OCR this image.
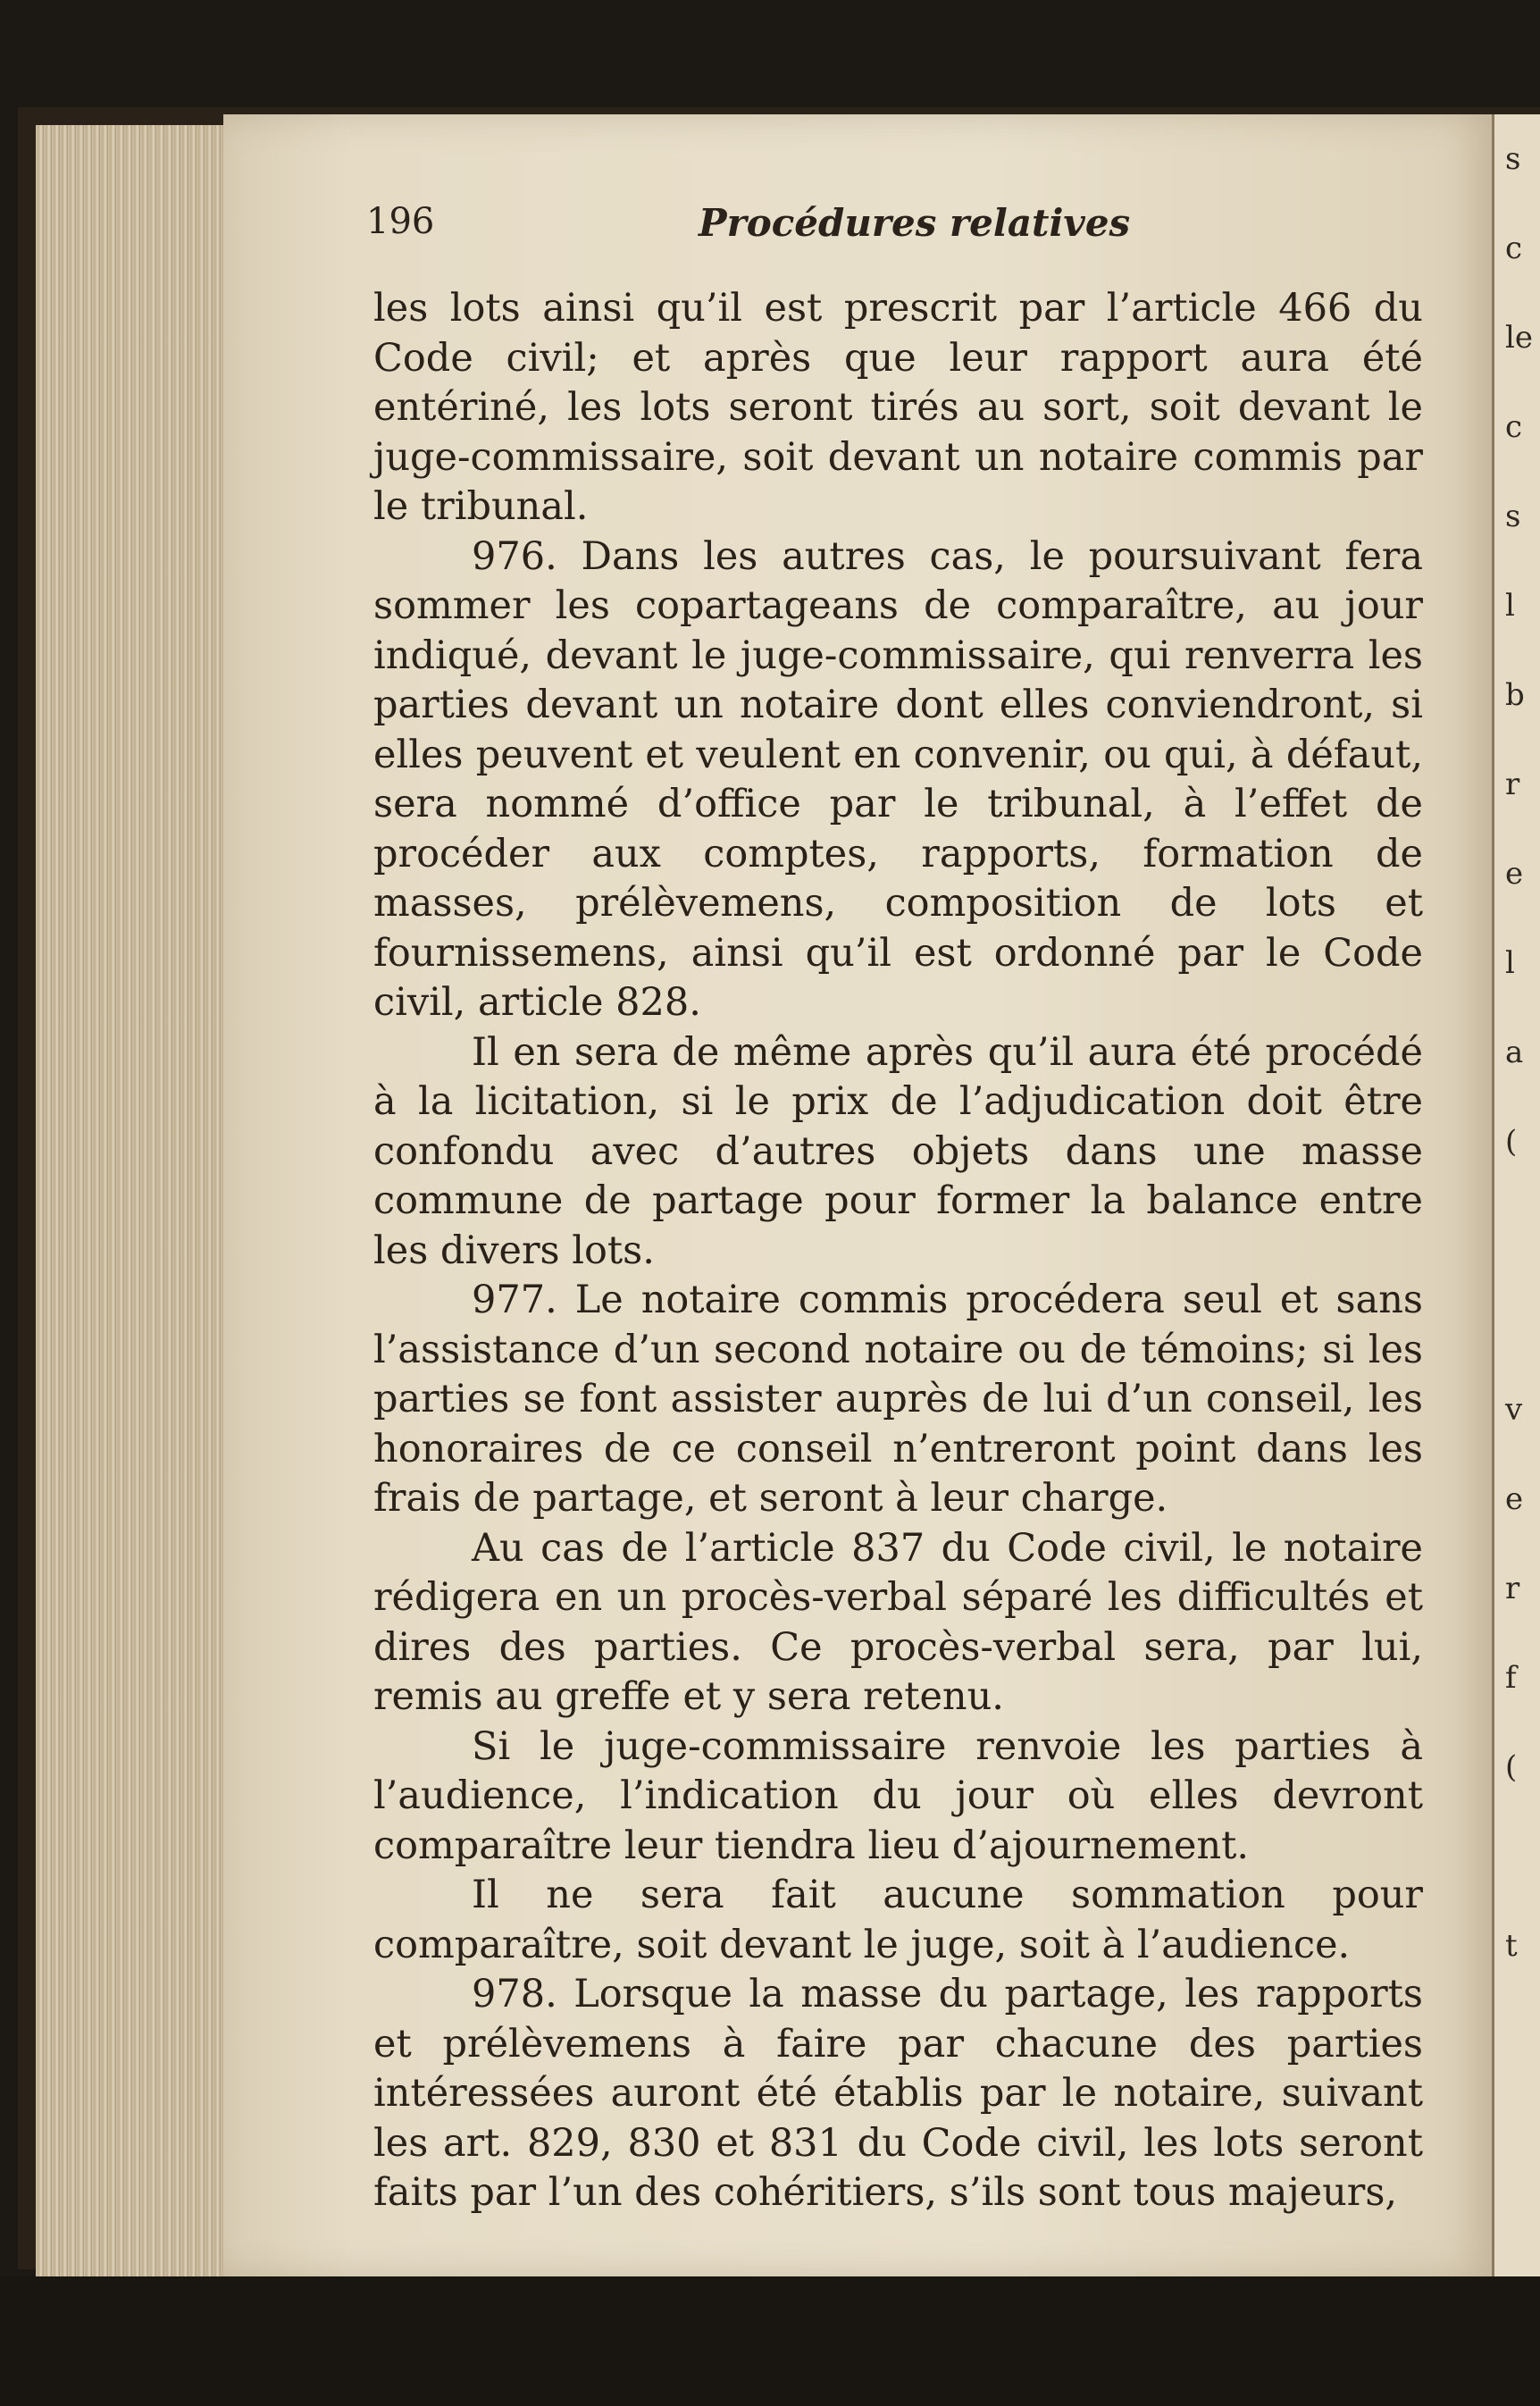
s
c
le
c
s
l
b
r
e
l
a
(
v
e
r
f
(
t
196	Procédures relatives

les lots ainsi qu’il est prescrit par l’article 466 du Code civil; et après que leur rapport aura été entériné, les lots seront tirés au sort, soit devant le juge-commissaire, soit devant un notaire commis par le tribunal.

976. Dans les autres cas, le poursuivant fera sommer les copartageans de comparaître, au jour indiqué, devant le juge-commissaire, qui renverra les parties devant un notaire dont elles conviendront, si elles peuvent et veulent en convenir, ou qui, à défaut, sera nommé d’office par le tribunal, à l’effet de procéder aux comptes, rapports, formation de masses, prélèvemens, composition de lots et fournissemens, ainsi qu’il est ordonné par le Code civil, article 828.

Il en sera de même après qu’il aura été procédé à la licitation, si le prix de l’adjudication doit être confondu avec d’autres objets dans une masse commune de partage pour former la balance entre les divers lots.

977. Le notaire commis procédera seul et sans l’assistance d’un second notaire ou de témoins; si les parties se font assister auprès de lui d’un conseil, les honoraires de ce conseil n’entreront point dans les frais de partage, et seront à leur charge.

Au cas de l’article 837 du Code civil, le notaire rédigera en un procès-verbal séparé les difficultés et dires des parties. Ce procès-verbal sera, par lui, remis au greffe et y sera retenu.

Si le juge-commissaire renvoie les parties à l’audience, l’indication du jour où elles devront comparaître leur tiendra lieu d’ajournement.

Il ne sera fait aucune sommation pour comparaître, soit devant le juge, soit à l’audience.

978. Lorsque la masse du partage, les rapports et prélèvemens à faire par chacune des parties intéressées auront été établis par le notaire, suivant les art. 829, 830 et 831 du Code civil, les lots seront faits par l’un des cohéritiers, s’ils sont tous majeurs,
